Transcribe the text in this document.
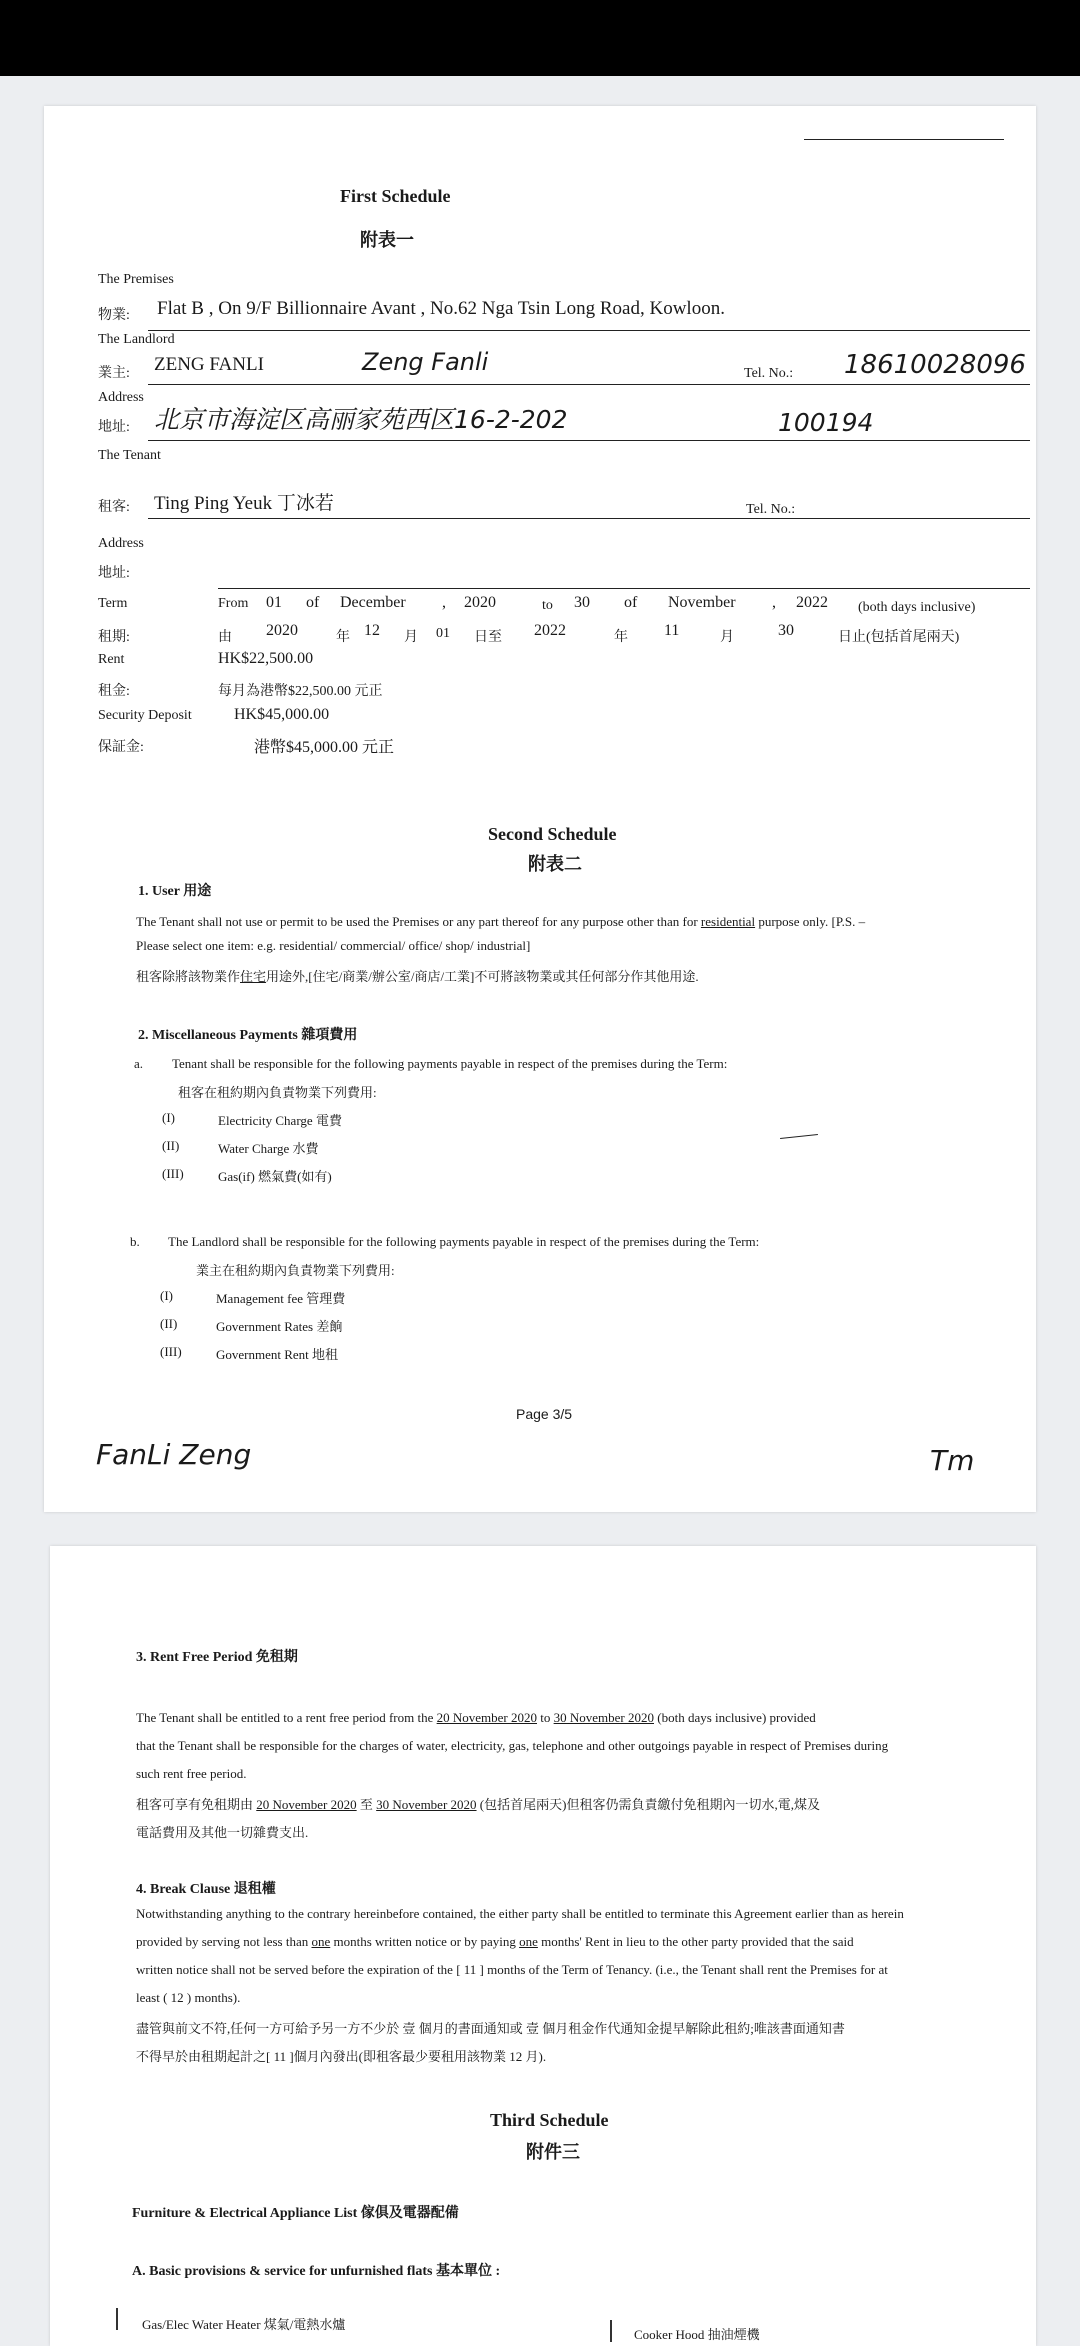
First Schedule
附表一
The Premises
物業: Flat B , On 9/F Billionnaire Avant , No.62 Nga Tsin Long Road, Kowloon.
The Landlord
業主: ZENG FANLI	Zeng Fanli	Tel. No.: 18610028096
Address
地址: 北京市海淀区高丽家苑西区16-2-202	100194
The Tenant
租客: Ting Ping Yeuk 丁冰若	Tel. No.:
Address
地址:
Term	From 01 of December , 2020	to 30 of November , 2022 (both days inclusive)
租期:	由 2020	年 12 月 01 日至 2022	年 11	月	30	日止(包括首尾兩天)
Rent	HK$22,500.00
租金:	每月為港幣$22,500.00 元正
Security Deposit	HK$45,000.00
保証金:	港幣$45,000.00 元正
Second Schedule
附表二
1. User 用途
The Tenant shall not use or permit to be used the Premises or any part thereof for any purpose other than for residential purpose only. [P.S. –
Please select one item: e.g. residential/ commercial/ office/ shop/ industrial]
租客除將該物業作住宅用途外,[住宅/商業/辦公室/商店/工業]不可將該物業或其任何部分作其他用途.
2. Miscellaneous Payments 雜項費用
a. Tenant shall be responsible for the following payments payable in respect of the premises during the Term:
租客在租約期內負責物業下列費用:
(I)	Electricity Charge 電費
(II)	Water Charge 水費
(III)	Gas(if) 燃氣費(如有)
b. The Landlord shall be responsible for the following payments payable in respect of the premises during the Term:
業主在租約期內負責物業下列費用:
(I)	Management fee 管理費
(II)	Government Rates 差餉
(III)	Government Rent 地租
Page 3/5
FanLi Zeng	Tm
3. Rent Free Period 免租期
The Tenant shall be entitled to a rent free period from the 20 November 2020 to 30 November 2020 (both days inclusive) provided
that the Tenant shall be responsible for the charges of water, electricity, gas, telephone and other outgoings payable in respect of Premises during
such rent free period.
租客可享有免租期由 20 November 2020 至 30 November 2020 (包括首尾兩天)但租客仍需負責繳付免租期內一切水,電,煤及
電話費用及其他一切雜費支出.
4. Break Clause 退租權
Notwithstanding anything to the contrary hereinbefore contained, the either party shall be entitled to terminate this Agreement earlier than as herein
provided by serving not less than one months written notice or by paying one months' Rent in lieu to the other party provided that the said
written notice shall not be served before the expiration of the [ 11 ] months of the Term of Tenancy. (i.e., the Tenant shall rent the Premises for at
least ( 12 ) months).
盡管與前文不符,任何一方可給予另一方不少於 壹 個月的書面通知或 壹 個月租金作代通知金提早解除此租約;唯該書面通知書
不得早於由租期起計之[ 11 ]個月內發出(即租客最少要租用該物業 12 月).
Third Schedule
附件三
Furniture & Electrical Appliance List 傢俱及電器配備
A. Basic provisions & service for unfurnished flats 基本單位 :
Gas/Elec Water Heater 煤氣/電熱水爐
Cooker Hood 抽油煙機
